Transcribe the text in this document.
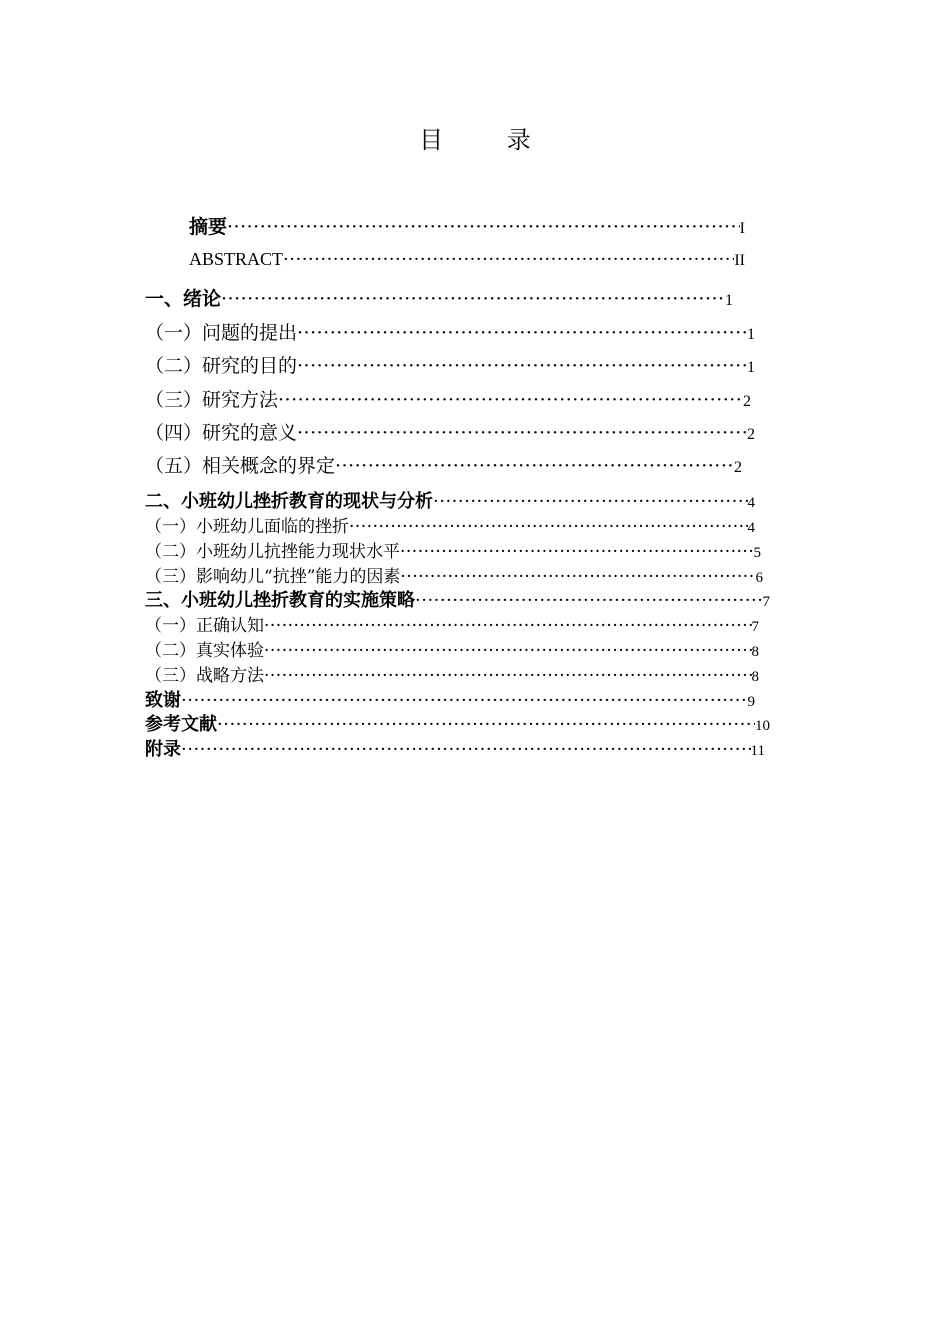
目 录
摘要 ·····	I
ABSTRACT ·····	II
一、绪论 ·····	1
（一）问题的提出 ·····	1
（二）研究的目的 ·····	1
（三）研究方法 ·····	2
（四）研究的意义 ·····	2
（五）相关概念的界定 ·····	2
二、小班幼儿挫折教育的现状与分析 ·····	4
（一）小班幼儿面临的挫折 ·····	4
（二）小班幼儿抗挫能力现状水平 ·····	5
（三）影响幼儿“抗挫”能力的因素 ·····	6
三、小班幼儿挫折教育的实施策略 ·····	7
（一）正确认知 ·····	7
（二）真实体验 ·····	8
（三）战略方法 ·····	8
致谢 ·····	9
参考文献 ·····	10
附录 ·····	11
